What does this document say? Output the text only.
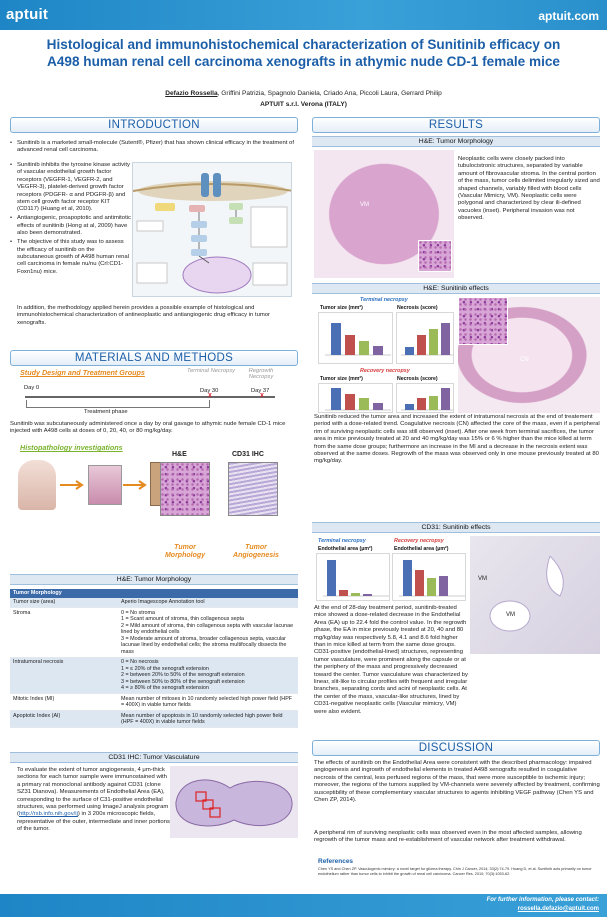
aptuit	aptuit.com
Histological and immunohistochemical characterization of Sunitinib efficacy on A498 human renal cell carcinoma xenografts in athymic nude CD-1 female mice
Defazio Rossella, Griffini Patrizia, Spagnolo Daniela, Criado Ana, Piccoli Laura, Gerrard Philip
APTUIT s.r.l. Verona (ITALY)
INTRODUCTION
• Sunitinib is a marketed small-molecule (Sutent®, Pfizer) that has shown clinical efficacy in the treatment of advanced renal cell carcinoma.
• Sunitinib inhibits the tyrosine kinase activity of vascular endothelial growth factor receptors (VEGFR-1, VEGFR-2, and VEGFR-3), platelet-derived growth factor receptors (PDGFR- α and PDGFR-β) and stem cell growth factor receptor KIT (CD117) (Huang et al, 2010).
• Antiangiogenic, proapoptotic and antimitotic effects of sunitinib (Hong at al, 2009) have also been demonstrated.
• The objective of this study was to assess the efficacy of sunitinib on the subcutaneous growth of A498 human renal cell carcinoma in female nu/nu (Crl:CD1-Foxn1nu) mice.
In addition, the methodology applied herein provides a possible example of histological and immunohistochemical characterization of antineoplastic and antiangiogenic drug efficacy in tumor xenografts.
MATERIALS AND METHODS
Study Design and Treatment Groups
Day 0
Terminal Necropsy	Regrowth Necropsy
Day 30	Day 37
x	x
Treatment phase
Sunitinib was subcutaneously administered once a day by oral gavage to athymic nude female CD-1 mice injected with A498 cells at doses of 0, 20, 40, or 80 mg/kg/day.
Histopathology investigations
H&E	CD31 IHC
Tumor Morphology
Tumor Angiogenesis
H&E: Tumor Morphology
Tumor Morphology	
Tumor size (area)	Aperio Imagescope Annotation tool
Stroma	0 = No stroma
1 = Scant amount of stroma, thin collagenous septa
2 = Mild amount of stroma, thin collagenous septa with vascular lacunae lined by endothelial cells
3 = Moderate amount of stroma, broader collagenous septa, vascular lacunae lined by endothelial cells; the stroma multifocally dissects the mass
Intratumoral necrosis	0 = No necrosis
1 = ≤ 20% of the xenograft extension
2 = between 20% to 50% of the xenograft extension
3 = between 50% to 80% of the xenograft extension
4 = ≥ 80% of the xenograft extension
Mitotic Index (MI)	Mean number of mitoses in 10 randomly selected high power field (HPF = 400X) in viable tumor fields
Apoptotic Index (AI)	Mean number of apoptosis in 10 randomly selected high power field (HPF = 400X) in viable tumor fields
CD31 IHC: Tumor Vasculature
To evaluate the extent of tumor angiogenesis, 4 μm-thick sections for each tumor sample were immunostained with a primary rat monoclonal antibody against CD31 (clone SZ31 Dianova). Measurements of Endothelial Area (EA), corresponding to the surface of C31-positive endothelial structures, was performed using ImageJ analysis program (http://rsb.info.nih.gov/ij) in 3 200x microscopic fields, representative of the outer, intermediate and inner portions of the tumor.
RESULTS
H&E: Tumor Morphology
VM
Neoplastic cells were closely packed into tubulocistronic structures, separated by variable amount of fibrovascular stroma. In the central portion of the mass, tumor cells delimited irregularly sized and shaped channels, variably filled with blood cells (Vascular Mimicry, VM). Neoplastic cells were polygonal and characterized by clear ili-defined vacuoles (inset). Peripheral invasion was not observed.
H&E: Sunitinib effects
Terminal necropsy
Tumor size (mm²)	Necrosis (score)
Recovery necropsy
Tumor size (mm²)	Necrosis (score)
CN
Sunitinib reduced the tumor area and increased the extent of intratumoral necrosis at the end of treatement period with a dose-related trend. Coagulative necrosis (CN) affected the core of the mass, even if a peripheral rim of surviving neoplastic cells was still observed (inset). After one week from terminal sacrifices, the tumor area in mice previously treated at 20 and 40 mg/kg/day was 15% or 6 % higher than the mice killed at term from the same dose groups; furthermore an increase in the MI and a decrease in the necrosis extent was observed at the same doses. Regrowth of the mass was observed only in one mouse previously treated at 80 mg/kg/day.
CD31: Sunitinib effects
Terminal necropsy	Recovery necropsy
Endothelial area (μm²)	Endothelial area (μm²)
VM
VM
At the end of 28-day treatment period, sunitinib-treated mice showed a dose-related decrease in the Endothelial Area (EA) up to 22.4 fold the control value. In the regrowth phase, the EA in mice previously treated at 20, 40 and 80 mg/kg/day was respectively 5.8, 4.1 and 8.6 fold higher than in mice killed at term from the same dose groups. CD31-positive (endothelial-lined) structures, representing tumor vasculature, were prominent along the capsule or at the periphery of the mass and progressively decreased toward the center. Tumor vasculature was characterized by linear, slit-like to circular profiles with frequent and irregular branches, separating cords and acini of neoplastic cells. At the center of the mass, vascular-like structures, lined by CD31-negative neoplastic cells (Vascular mimicry, VM) were also evident.
DISCUSSION
The effects of sunitinib on the Endothelial Area were consistent with the described pharmacology: impaired angiogenesis and ingrowth of endothelial elements in treated A498 xenografts resulted in coagulative necrosis of the central, less perfused regions of the mass, that were more susceptible to ischemic injury; moreover, the regions of the tumors supplied by VM-channels were severely affected by treatment, confirming susceptibility of these complementary vascular structures to agents inhibiting VEGF pathway (Chen YS and Chen ZP, 2014).
A peripheral rim of surviving neoplastic cells was observed even in the most affected samples, allowing regrowth of the tumor mass and re-establishment of vascular network after treatment withdrawal.
References
Chen YS and Chen ZP. Vasculogenic mimicry: a novel target for glioma therapy. Chin J Cancer, 2014; 33(2):74-79. Huang D, et al. Sunitinib acts primarily on tumor endothelium rather than tumor cells to inhibit the growth of renal cell carcinoma. Cancer Res. 2010; 70(3):1053-62.
For further information, please contact:
rossella.defazio@aptuit.com
